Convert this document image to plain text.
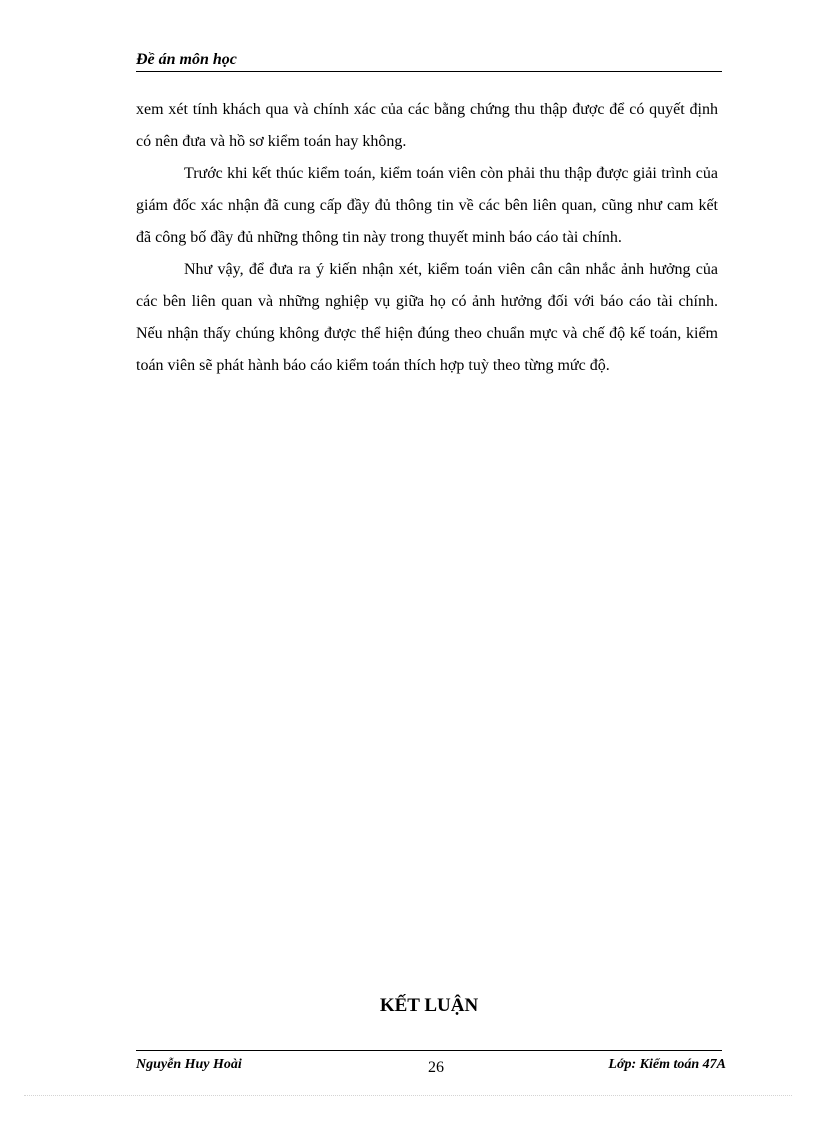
Đề án môn học

xem xét tính khách qua và chính xác của các bằng chứng thu thập được để có quyết định có nên đưa và hồ sơ kiểm toán hay không.

Trước khi kết thúc kiểm toán, kiểm toán viên còn phải thu thập được giải trình của giám đốc xác nhận đã cung cấp đầy đủ thông tin về các bên liên quan, cũng như cam kết đã công bố đầy đủ những thông tin này trong thuyết minh báo cáo tài chính.

Như vậy, để đưa ra ý kiến nhận xét, kiểm toán viên cân cân nhắc ảnh hưởng của các bên liên quan và những nghiệp vụ giữa họ có ảnh hưởng đối với báo cáo tài chính. Nếu nhận thấy chúng không được thể hiện đúng theo chuẩn mực và chế độ kế toán, kiểm toán viên sẽ phát hành báo cáo kiểm toán thích hợp tuỳ theo từng mức độ.

KẾT LUẬN
Nguyễn Huy Hoài	26	Lớp: Kiểm toán 47A
